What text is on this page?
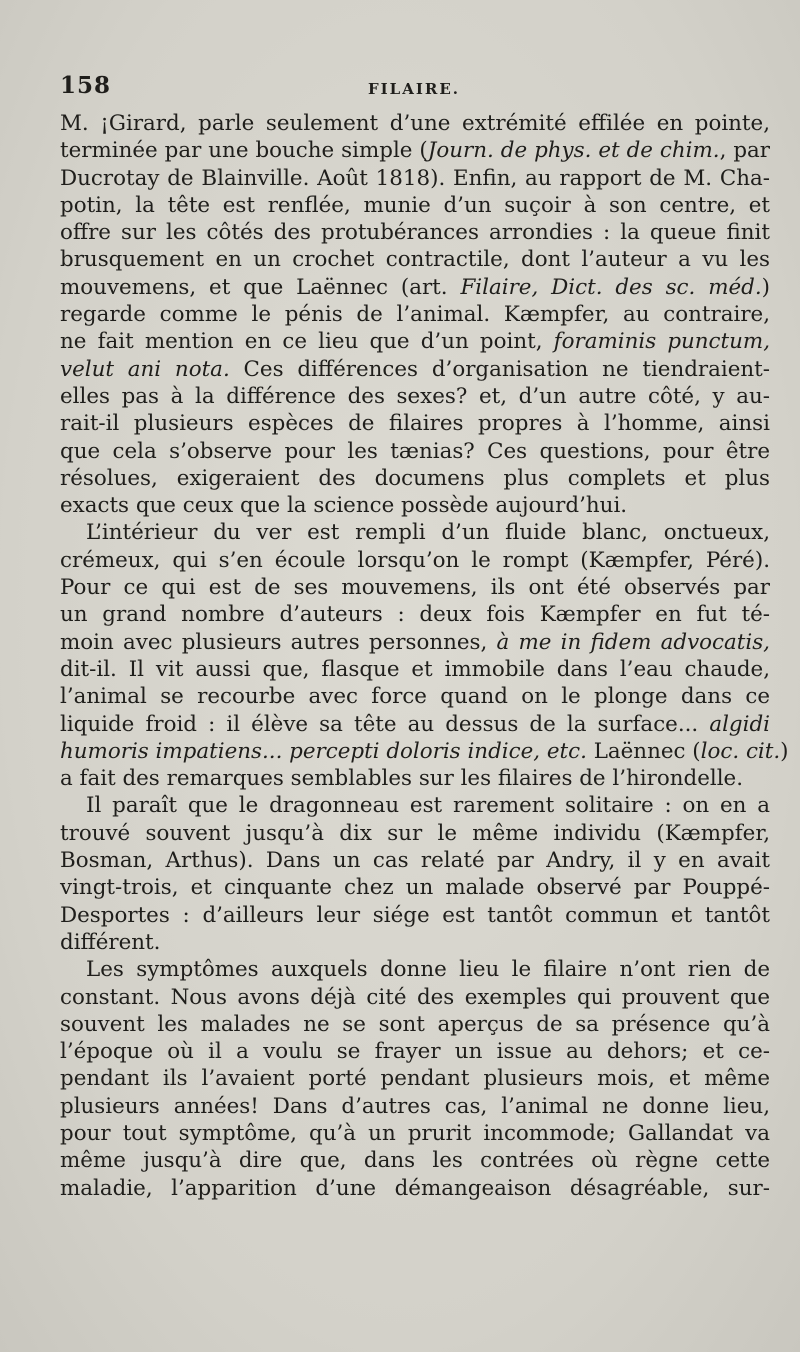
158	FILAIRE.
M. ¡Girard, parle seulement d’une extrémité effilée en pointe,
terminée par une bouche simple (Journ. de phys. et de chim., par
Ducrotay de Blainville. Août 1818). Enfin, au rapport de M. Cha-
potin, la tête est renflée, munie d’un suçoir à son centre, et
offre sur les côtés des protubérances arrondies : la queue finit
brusquement en un crochet contractile, dont l’auteur a vu les
mouvemens, et que Laënnec (art. Filaire, Dict. des sc. méd.)
regarde comme le pénis de l’animal. Kæmpfer, au contraire,
ne fait mention en ce lieu que d’un point, foraminis punctum,
velut ani nota. Ces différences d’organisation ne tiendraient-
elles pas à la différence des sexes? et, d’un autre côté, y au-
rait-il plusieurs espèces de filaires propres à l’homme, ainsi
que cela s’observe pour les tænias? Ces questions, pour être
résolues, exigeraient des documens plus complets et plus
exacts que ceux que la science possède aujourd’hui.
L’intérieur du ver est rempli d’un fluide blanc, onctueux,
crémeux, qui s’en écoule lorsqu’on le rompt (Kæmpfer, Péré).
Pour ce qui est de ses mouvemens, ils ont été observés par
un grand nombre d’auteurs : deux fois Kæmpfer en fut té-
moin avec plusieurs autres personnes, à me in fidem advocatis,
dit-il. Il vit aussi que, flasque et immobile dans l’eau chaude,
l’animal se recourbe avec force quand on le plonge dans ce
liquide froid : il élève sa tête au dessus de la surface... algidi
humoris impatiens... percepti doloris indice, etc. Laënnec (loc. cit.)
a fait des remarques semblables sur les filaires de l’hirondelle.
Il paraît que le dragonneau est rarement solitaire : on en a
trouvé souvent jusqu’à dix sur le même individu (Kæmpfer,
Bosman, Arthus). Dans un cas relaté par Andry, il y en avait
vingt-trois, et cinquante chez un malade observé par Pouppé-
Desportes : d’ailleurs leur siége est tantôt commun et tantôt
différent.
Les symptômes auxquels donne lieu le filaire n’ont rien de
constant. Nous avons déjà cité des exemples qui prouvent que
souvent les malades ne se sont aperçus de sa présence qu’à
l’époque où il a voulu se frayer un issue au dehors; et ce-
pendant ils l’avaient porté pendant plusieurs mois, et même
plusieurs années! Dans d’autres cas, l’animal ne donne lieu,
pour tout symptôme, qu’à un prurit incommode; Gallandat va
même jusqu’à dire que, dans les contrées où règne cette
maladie, l’apparition d’une démangeaison désagréable, sur-
